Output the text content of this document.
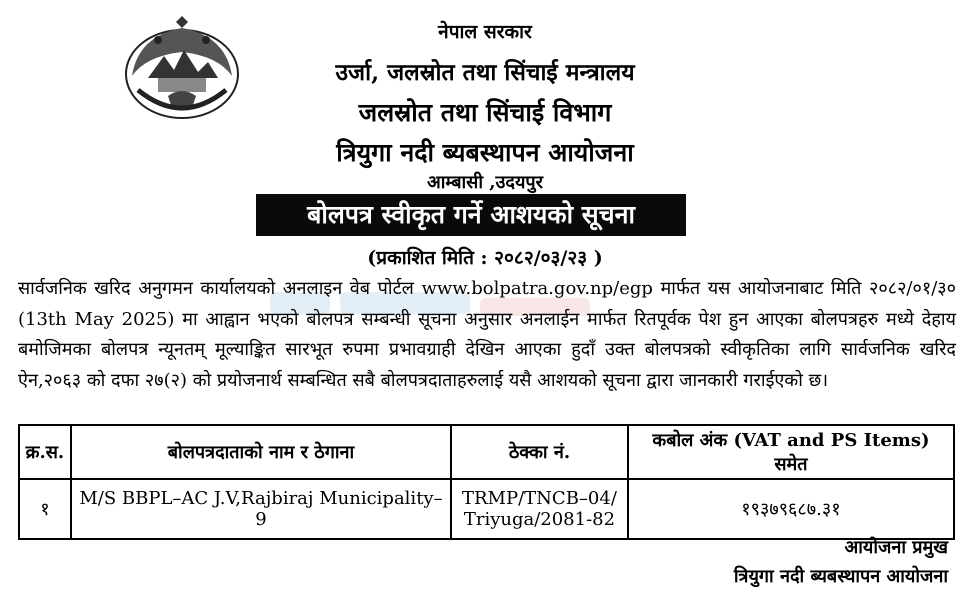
नेपाल सरकार
उर्जा, जलस्रोत तथा सिंचाई मन्त्रालय
जलस्रोत तथा सिंचाई विभाग
त्रियुगा नदी ब्यबस्थापन आयोजना
आम्बासी ,उदयपुर
बोलपत्र स्वीकृत गर्ने आशयको सूचना
(प्रकाशित मिति : २०८२/०३/२३ )
सार्वजनिक खरिद अनुगमन कार्यालयको अनलाइन वेब पोर्टल www.bolpatra.gov.np/egp मार्फत यस आयोजनाबाट मिति २०८२/०१/३० (13th May 2025) मा आह्वान भएको बोलपत्र सम्बन्धी सूचना अनुसार अनलाईन मार्फत रितपूर्वक पेश हुन आएका बोलपत्रहरु मध्ये देहाय बमोजिमका बोलपत्र न्यूनतम् मूल्याङ्कित सारभूत रुपमा प्रभावग्राही देखिन आएका हुदाँ उक्त बोलपत्रको स्वीकृतिका लागि सार्वजनिक खरिद ऐन,२०६३ को दफा २७(२) को प्रयोजनार्थ सम्बन्धित सबै बोलपत्रदाताहरुलाई यसै आशयको सूचना द्वारा जानकारी गराईएको छ।
क्र.स.	बोलपत्रदाताको नाम र ठेगाना	ठेक्का नं.	कबोल अंक (VAT and PS Items) समेत
१	M/S BBPL–AC J.V,Rajbiraj Municipality–9	TRMP/TNCB–04/ Triyuga/2081-82	१९३७९६८७.३१
आयोजना प्रमुख
त्रियुगा नदी ब्यबस्थापन आयोजना
